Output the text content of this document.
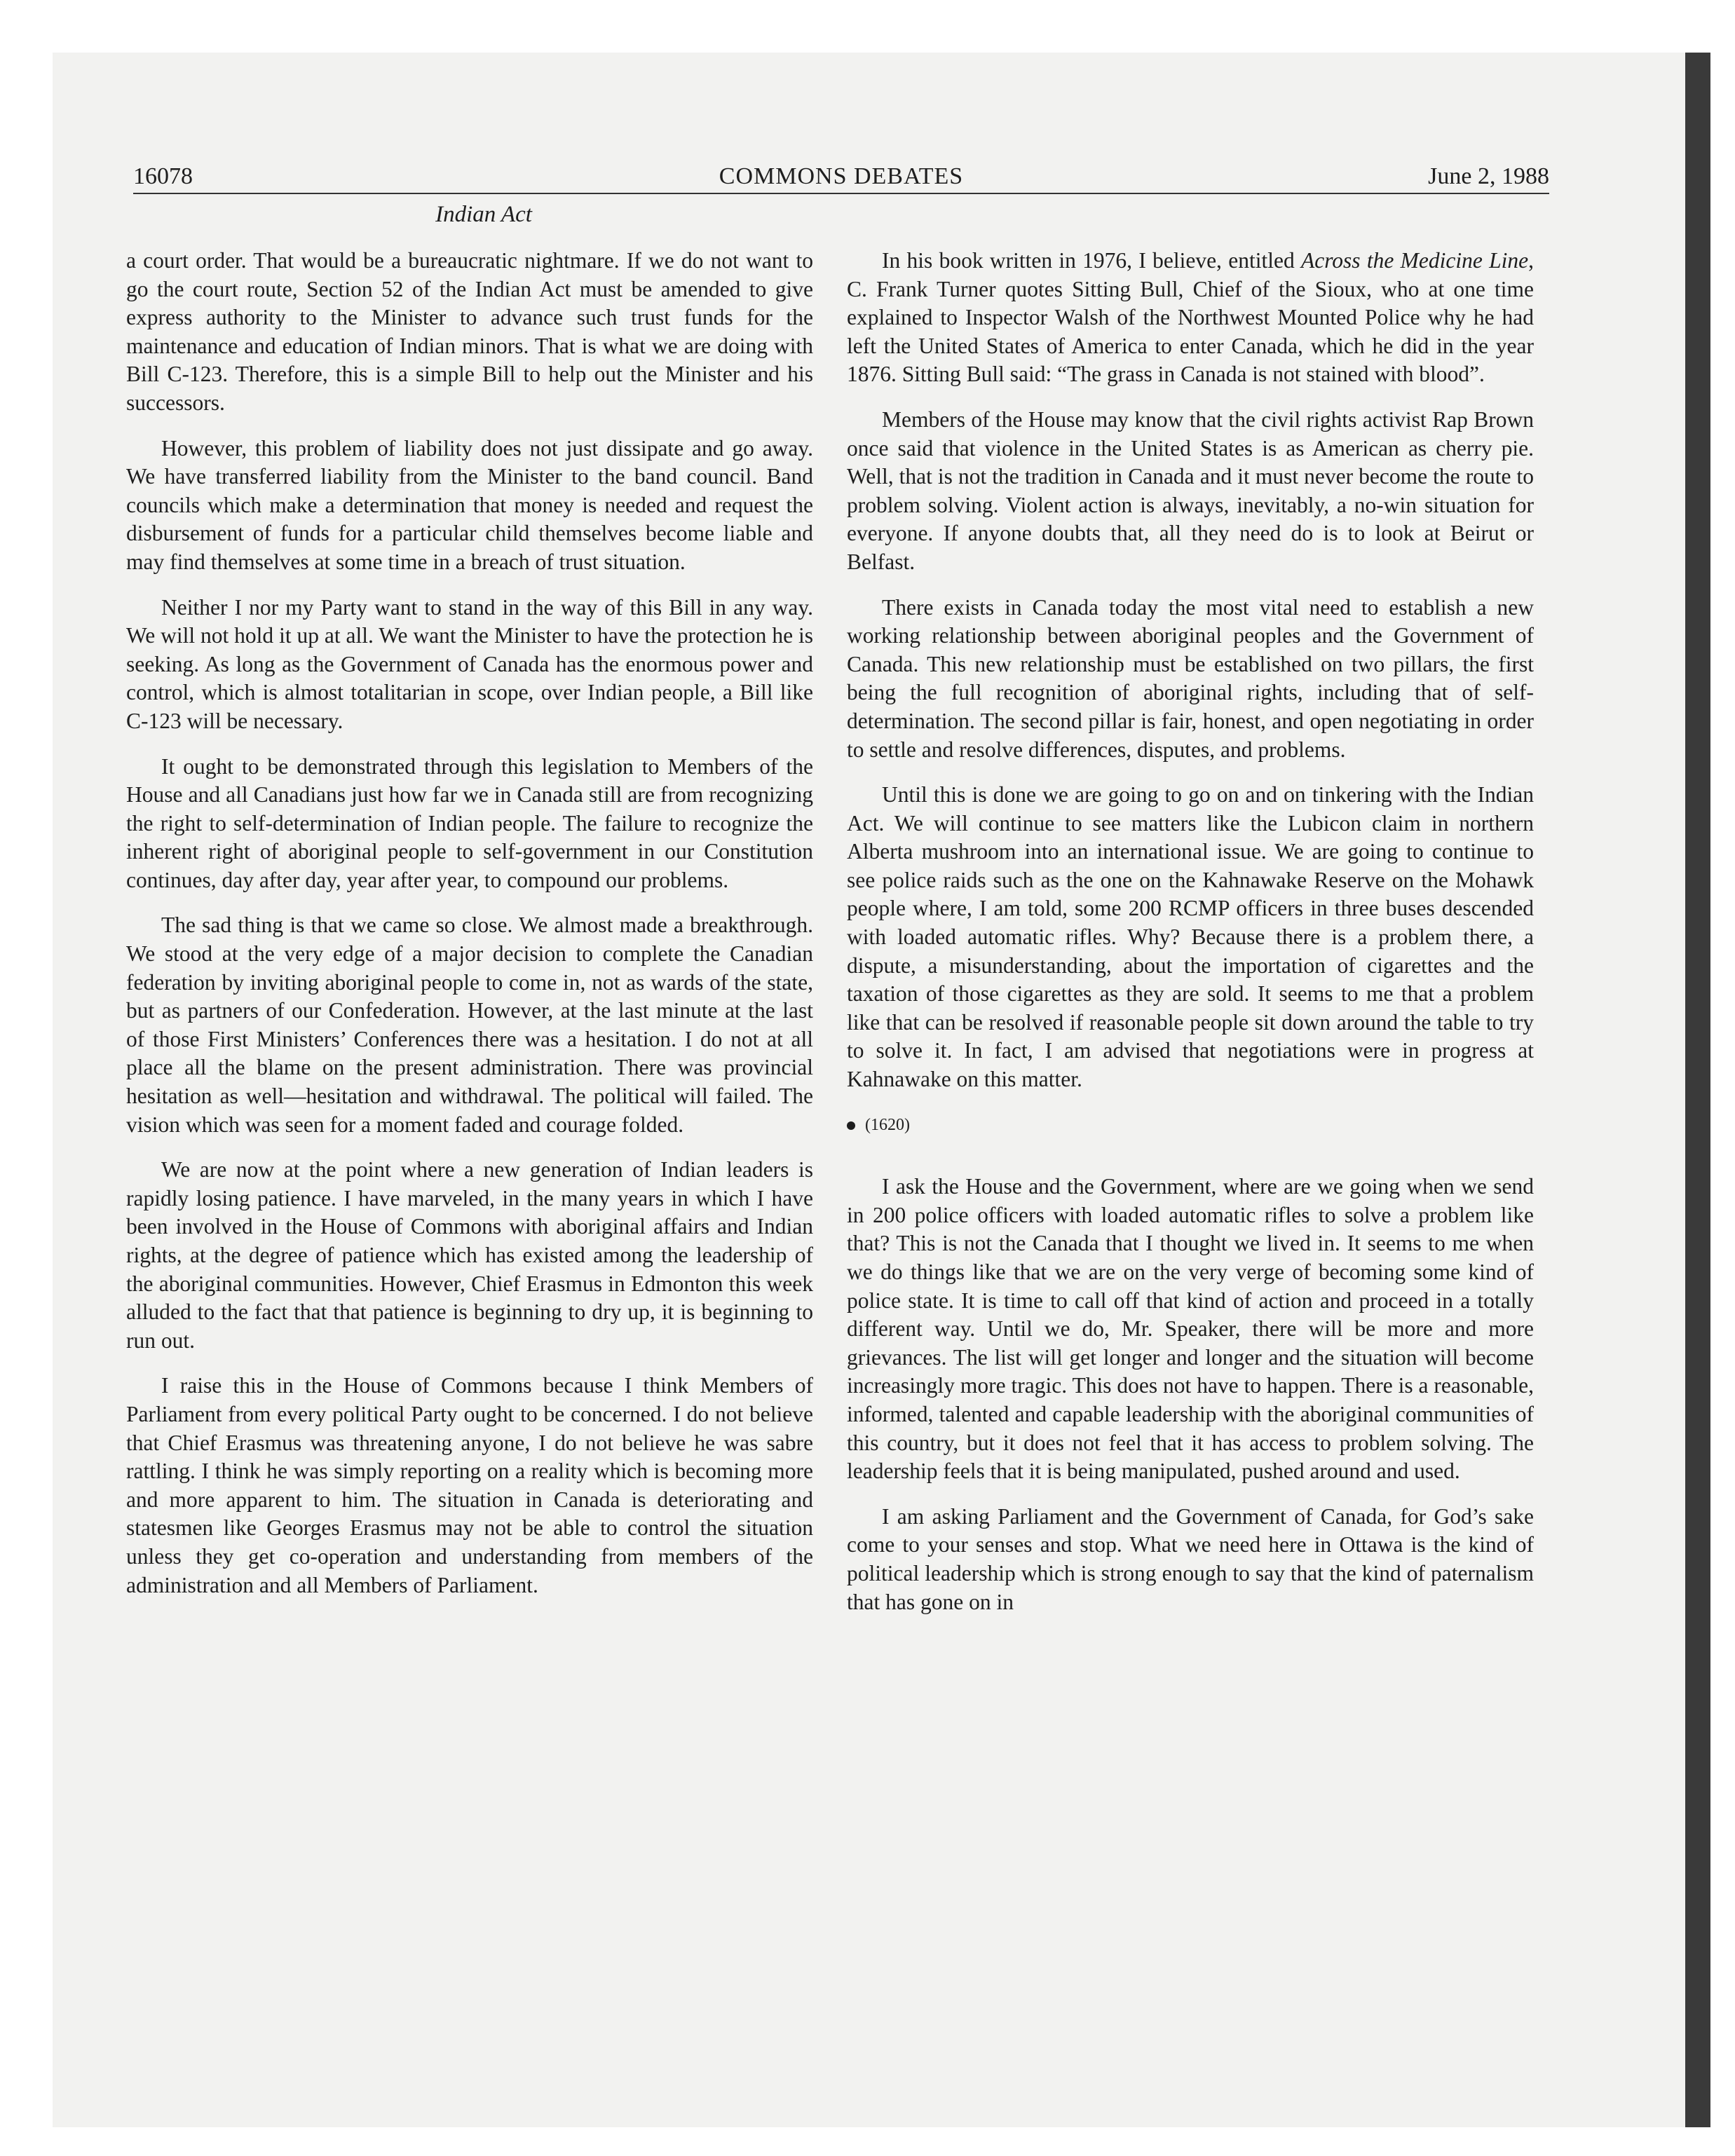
16078	COMMONS DEBATES	June 2, 1988
Indian Act

a court order. That would be a bureaucratic nightmare. If we do not want to go the court route, Section 52 of the Indian Act must be amended to give express authority to the Minister to advance such trust funds for the maintenance and education of Indian minors. That is what we are doing with Bill C-123. Therefore, this is a simple Bill to help out the Minister and his successors.

However, this problem of liability does not just dissipate and go away. We have transferred liability from the Minister to the band council. Band councils which make a determination that money is needed and request the disbursement of funds for a particular child themselves become liable and may find themselves at some time in a breach of trust situation.

Neither I nor my Party want to stand in the way of this Bill in any way. We will not hold it up at all. We want the Minister to have the protection he is seeking. As long as the Government of Canada has the enormous power and control, which is almost totalitarian in scope, over Indian people, a Bill like C-123 will be necessary.

It ought to be demonstrated through this legislation to Members of the House and all Canadians just how far we in Canada still are from recognizing the right to self-determination of Indian people. The failure to recognize the inherent right of aboriginal people to self-government in our Constitution continues, day after day, year after year, to compound our problems.

The sad thing is that we came so close. We almost made a breakthrough. We stood at the very edge of a major decision to complete the Canadian federation by inviting aboriginal people to come in, not as wards of the state, but as partners of our Confederation. However, at the last minute at the last of those First Ministers’ Conferences there was a hesitation. I do not at all place all the blame on the present administration. There was provincial hesitation as well—hesitation and withdrawal. The political will failed. The vision which was seen for a moment faded and courage folded.

We are now at the point where a new generation of Indian leaders is rapidly losing patience. I have marveled, in the many years in which I have been involved in the House of Commons with aboriginal affairs and Indian rights, at the degree of patience which has existed among the leadership of the aboriginal communities. However, Chief Erasmus in Edmonton this week alluded to the fact that that patience is beginning to dry up, it is beginning to run out.

I raise this in the House of Commons because I think Members of Parliament from every political Party ought to be concerned. I do not believe that Chief Erasmus was threatening anyone, I do not believe he was sabre rattling. I think he was simply reporting on a reality which is becoming more and more apparent to him. The situation in Canada is deteriorating and statesmen like Georges Erasmus may not be able to control the situation unless they get co-operation and understanding from members of the administration and all Members of Parliament.

In his book written in 1976, I believe, entitled Across the Medicine Line, C. Frank Turner quotes Sitting Bull, Chief of the Sioux, who at one time explained to Inspector Walsh of the Northwest Mounted Police why he had left the United States of America to enter Canada, which he did in the year 1876. Sitting Bull said: “The grass in Canada is not stained with blood”.

Members of the House may know that the civil rights activist Rap Brown once said that violence in the United States is as American as cherry pie. Well, that is not the tradition in Canada and it must never become the route to problem solving. Violent action is always, inevitably, a no-win situation for everyone. If anyone doubts that, all they need do is to look at Beirut or Belfast.

There exists in Canada today the most vital need to establish a new working relationship between aboriginal peoples and the Government of Canada. This new relationship must be established on two pillars, the first being the full recognition of aboriginal rights, including that of self-determination. The second pillar is fair, honest, and open negotiating in order to settle and resolve differences, disputes, and problems.

Until this is done we are going to go on and on tinkering with the Indian Act. We will continue to see matters like the Lubicon claim in northern Alberta mushroom into an international issue. We are going to continue to see police raids such as the one on the Kahnawake Reserve on the Mohawk people where, I am told, some 200 RCMP officers in three buses descended with loaded automatic rifles. Why? Because there is a problem there, a dispute, a misunderstanding, about the importation of cigarettes and the taxation of those cigarettes as they are sold. It seems to me that a problem like that can be resolved if reasonable people sit down around the table to try to solve it. In fact, I am advised that negotiations were in progress at Kahnawake on this matter.

(1620)

I ask the House and the Government, where are we going when we send in 200 police officers with loaded automatic rifles to solve a problem like that? This is not the Canada that I thought we lived in. It seems to me when we do things like that we are on the very verge of becoming some kind of police state. It is time to call off that kind of action and proceed in a totally different way. Until we do, Mr. Speaker, there will be more and more grievances. The list will get longer and longer and the situation will become increasingly more tragic. This does not have to happen. There is a reasonable, informed, talented and capable leadership with the aboriginal communities of this country, but it does not feel that it has access to problem solving. The leadership feels that it is being manipulated, pushed around and used.

I am asking Parliament and the Government of Canada, for God’s sake come to your senses and stop. What we need here in Ottawa is the kind of political leadership which is strong enough to say that the kind of paternalism that has gone on in
